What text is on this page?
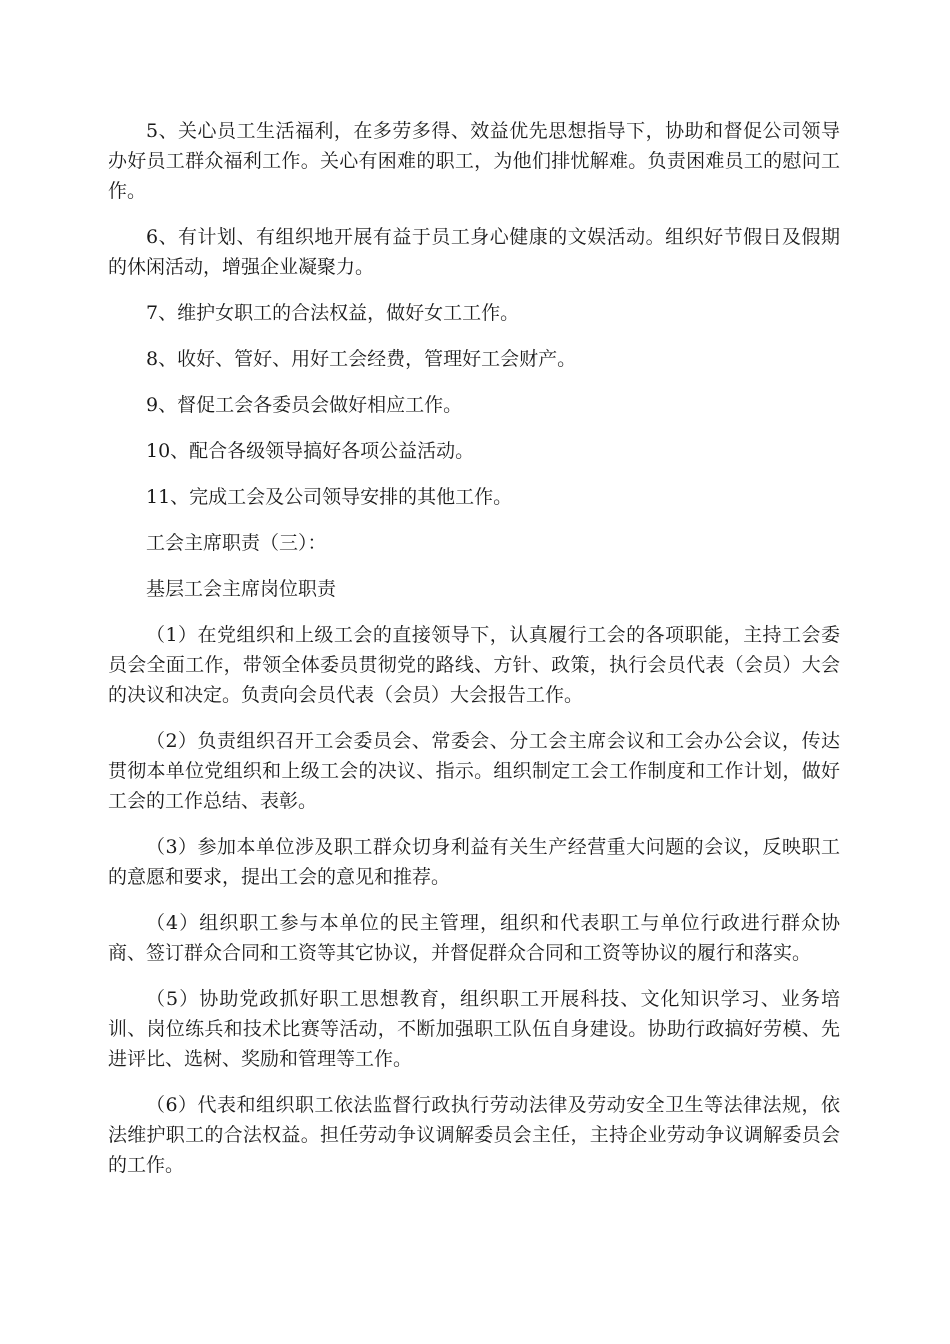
5、关心员工生活福利，在多劳多得、效益优先思想指导下，协助和督促公司领导办好员工群众福利工作。关心有困难的职工，为他们排忧解难。负责困难员工的慰问工作。

6、有计划、有组织地开展有益于员工身心健康的文娱活动。组织好节假日及假期的休闲活动，增强企业凝聚力。

7、维护女职工的合法权益，做好女工工作。

8、收好、管好、用好工会经费，管理好工会财产。

9、督促工会各委员会做好相应工作。

10、配合各级领导搞好各项公益活动。

11、完成工会及公司领导安排的其他工作。

工会主席职责（三）：

基层工会主席岗位职责

（1）在党组织和上级工会的直接领导下，认真履行工会的各项职能，主持工会委员会全面工作，带领全体委员贯彻党的路线、方针、政策，执行会员代表（会员）大会的决议和决定。负责向会员代表（会员）大会报告工作。

（2）负责组织召开工会委员会、常委会、分工会主席会议和工会办公会议，传达贯彻本单位党组织和上级工会的决议、指示。组织制定工会工作制度和工作计划，做好工会的工作总结、表彰。

（3）参加本单位涉及职工群众切身利益有关生产经营重大问题的会议，反映职工的意愿和要求，提出工会的意见和推荐。

（4）组织职工参与本单位的民主管理，组织和代表职工与单位行政进行群众协商、签订群众合同和工资等其它协议，并督促群众合同和工资等协议的履行和落实。

（5）协助党政抓好职工思想教育，组织职工开展科技、文化知识学习、业务培训、岗位练兵和技术比赛等活动，不断加强职工队伍自身建设。协助行政搞好劳模、先进评比、选树、奖励和管理等工作。

（6）代表和组织职工依法监督行政执行劳动法律及劳动安全卫生等法律法规，依法维护职工的合法权益。担任劳动争议调解委员会主任，主持企业劳动争议调解委员会的工作。
